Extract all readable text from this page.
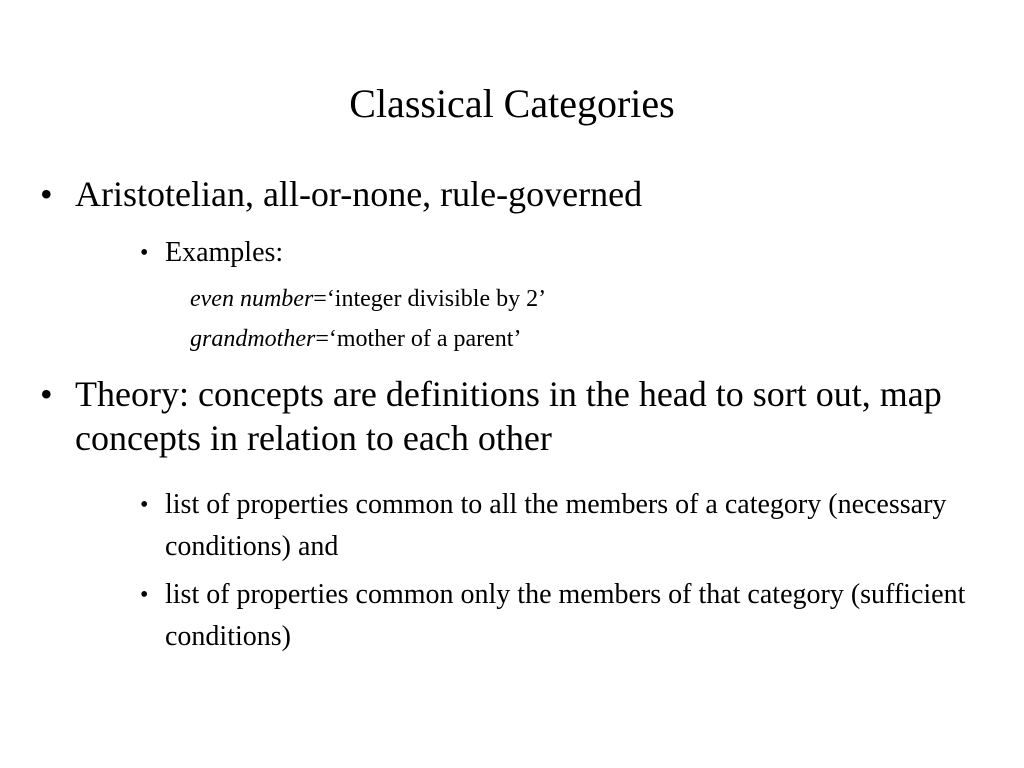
Classical Categories
• Aristotelian, all-or-none, rule-governed
• Examples:
even number=‘integer divisible by 2’
grandmother=‘mother of a parent’
• Theory: concepts are definitions in the head to sort out, map concepts in relation to each other
• list of properties common to all the members of a category (necessary conditions) and
• list of properties common only the members of that category (sufficient conditions)
